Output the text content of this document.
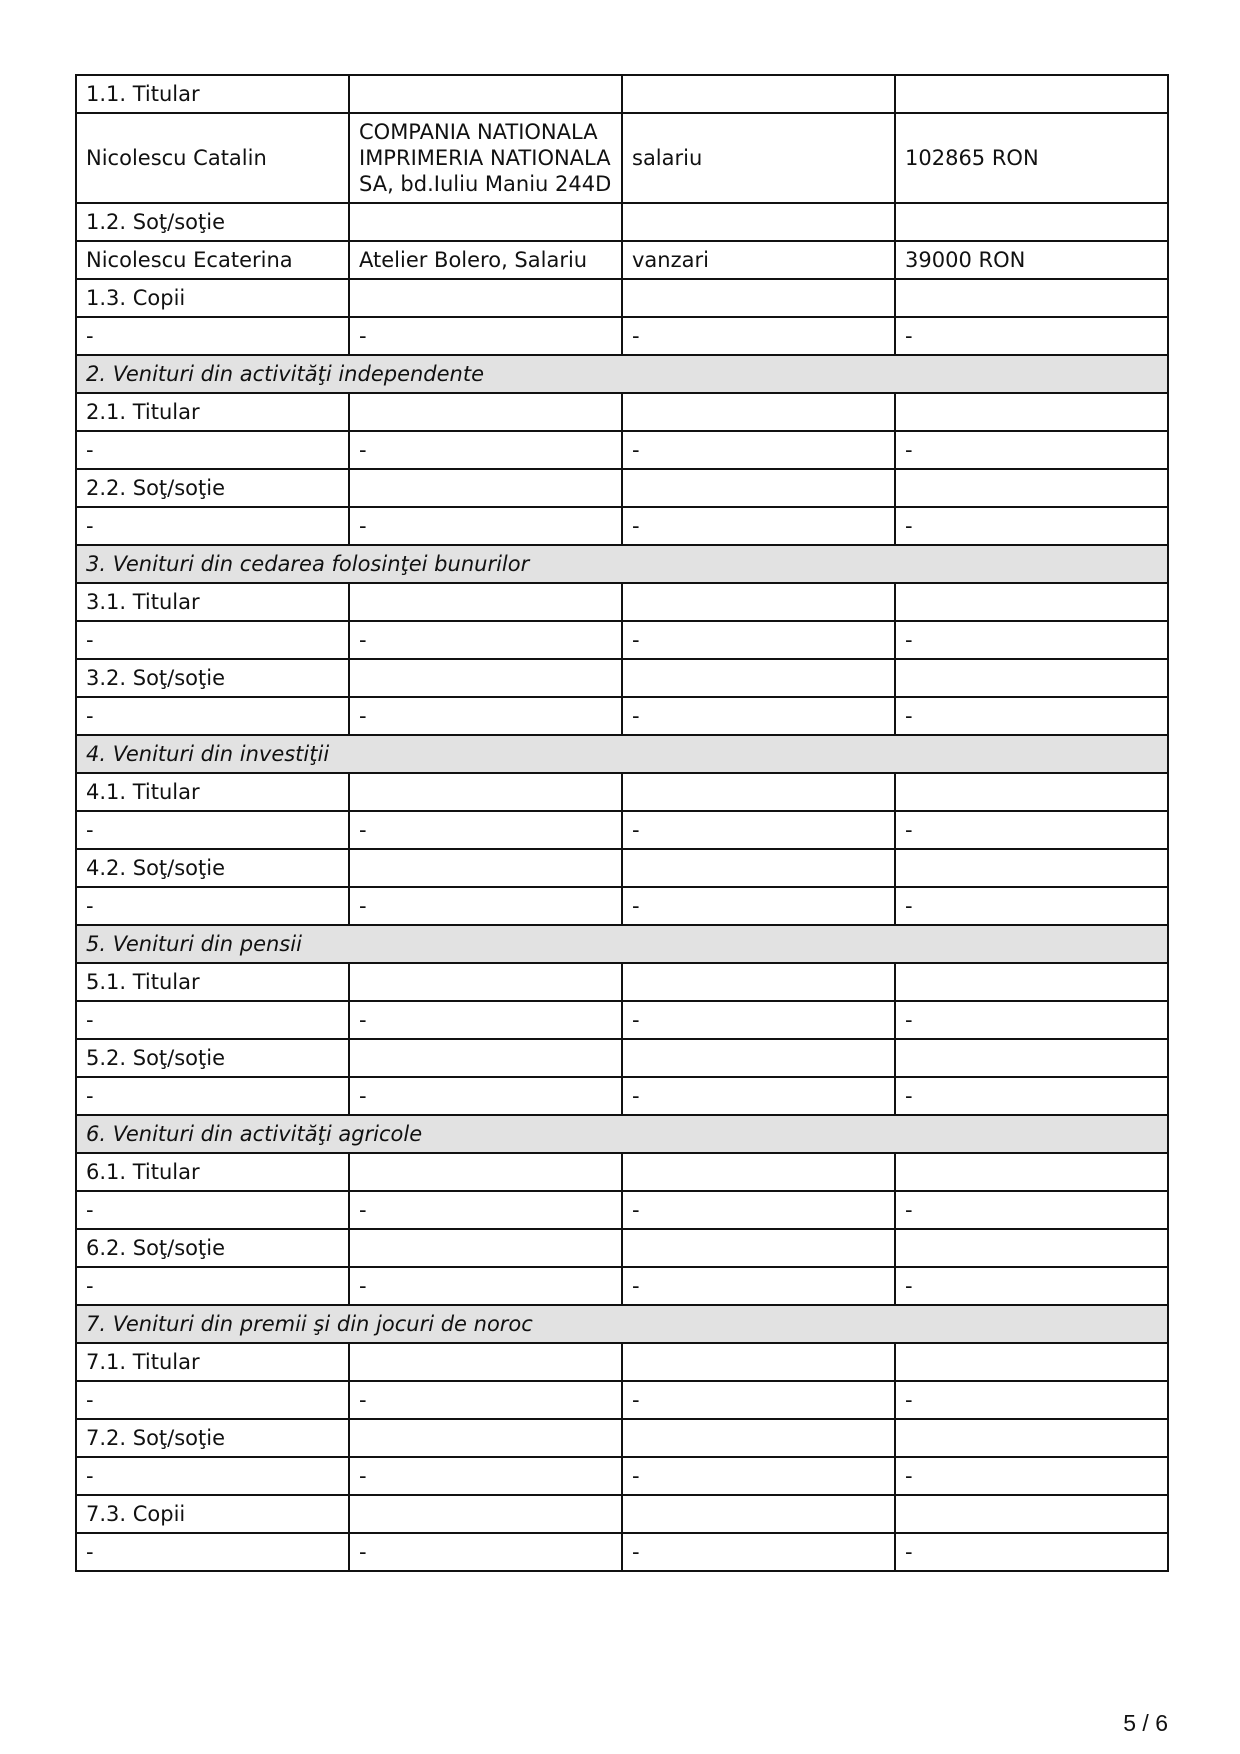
1.1. Titular			
Nicolescu Catalin	COMPANIA NATIONALA IMPRIMERIA NATIONALA SA, bd.Iuliu Maniu 244D	salariu	102865 RON
1.2. Soţ/soţie			
Nicolescu Ecaterina	Atelier Bolero, Salariu	vanzari	39000 RON
1.3. Copii			
-	-	-	-
2. Venituri din activităţi independente			
2.1. Titular			
-	-	-	-
2.2. Soţ/soţie			
-	-	-	-
3. Venituri din cedarea folosinţei bunurilor			
3.1. Titular			
-	-	-	-
3.2. Soţ/soţie			
-	-	-	-
4. Venituri din investiţii			
4.1. Titular			
-	-	-	-
4.2. Soţ/soţie			
-	-	-	-
5. Venituri din pensii			
5.1. Titular			
-	-	-	-
5.2. Soţ/soţie			
-	-	-	-
6. Venituri din activităţi agricole			
6.1. Titular			
-	-	-	-
6.2. Soţ/soţie			
-	-	-	-
7. Venituri din premii şi din jocuri de noroc			
7.1. Titular			
-	-	-	-
7.2. Soţ/soţie			
-	-	-	-
7.3. Copii			
-	-	-	-
5 / 6
